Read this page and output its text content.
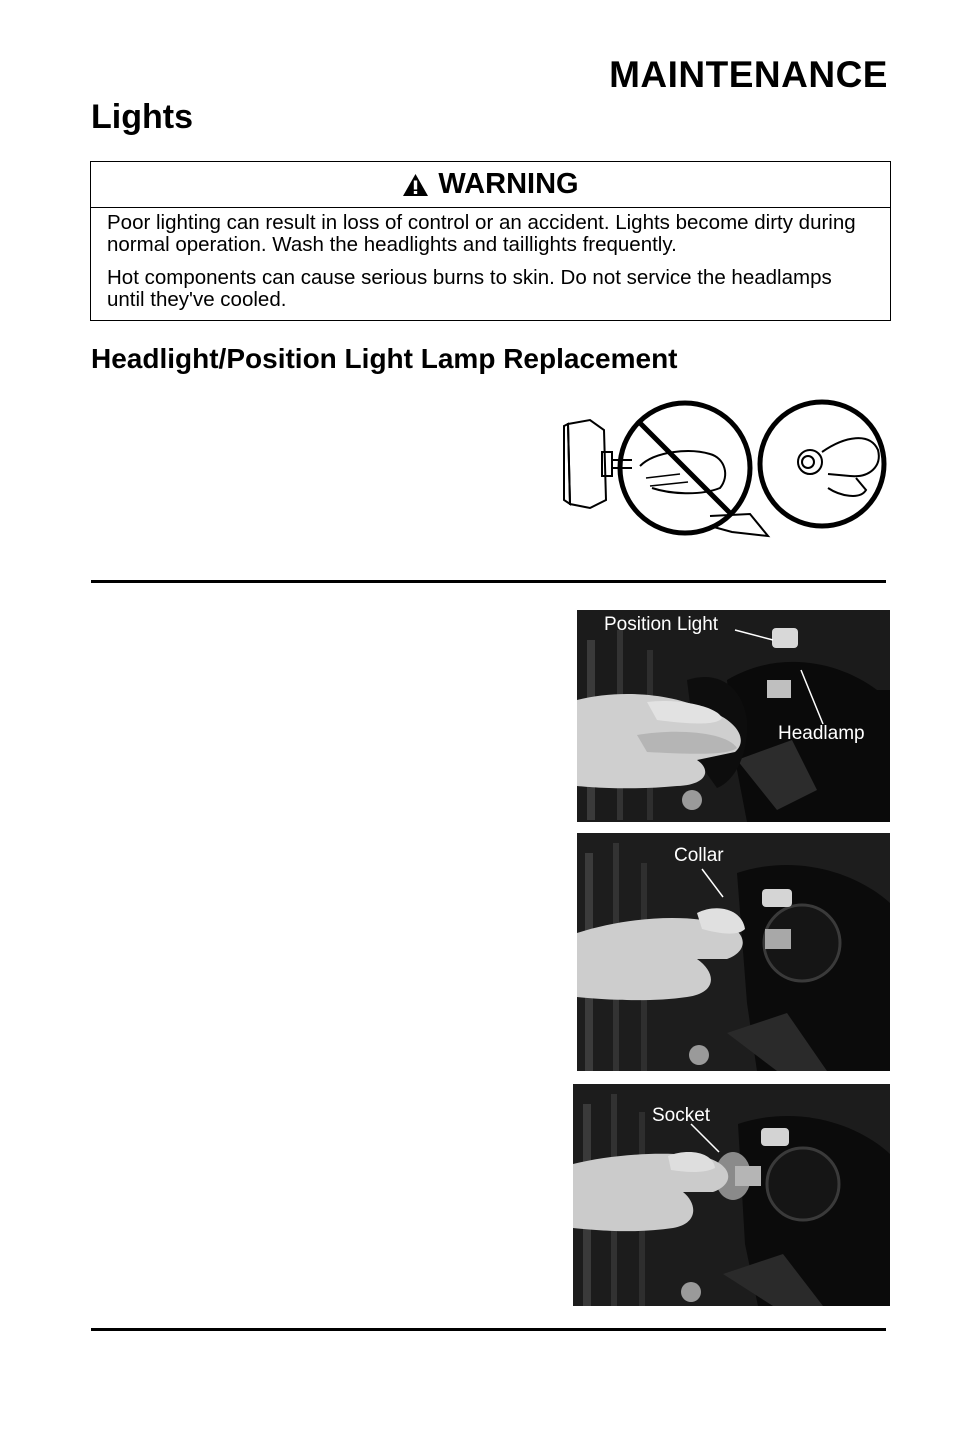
MAINTENANCE
Lights
WARNING

Poor lighting can result in loss of control or an accident. Lights become dirty during normal operation. Wash the headlights and taillights frequently.

Hot components can cause serious burns to skin. Do not service the headlamps until they've cooled.

Headlight/Position Light Lamp Replacement
Position Light
Headlamp
Collar
Socket
